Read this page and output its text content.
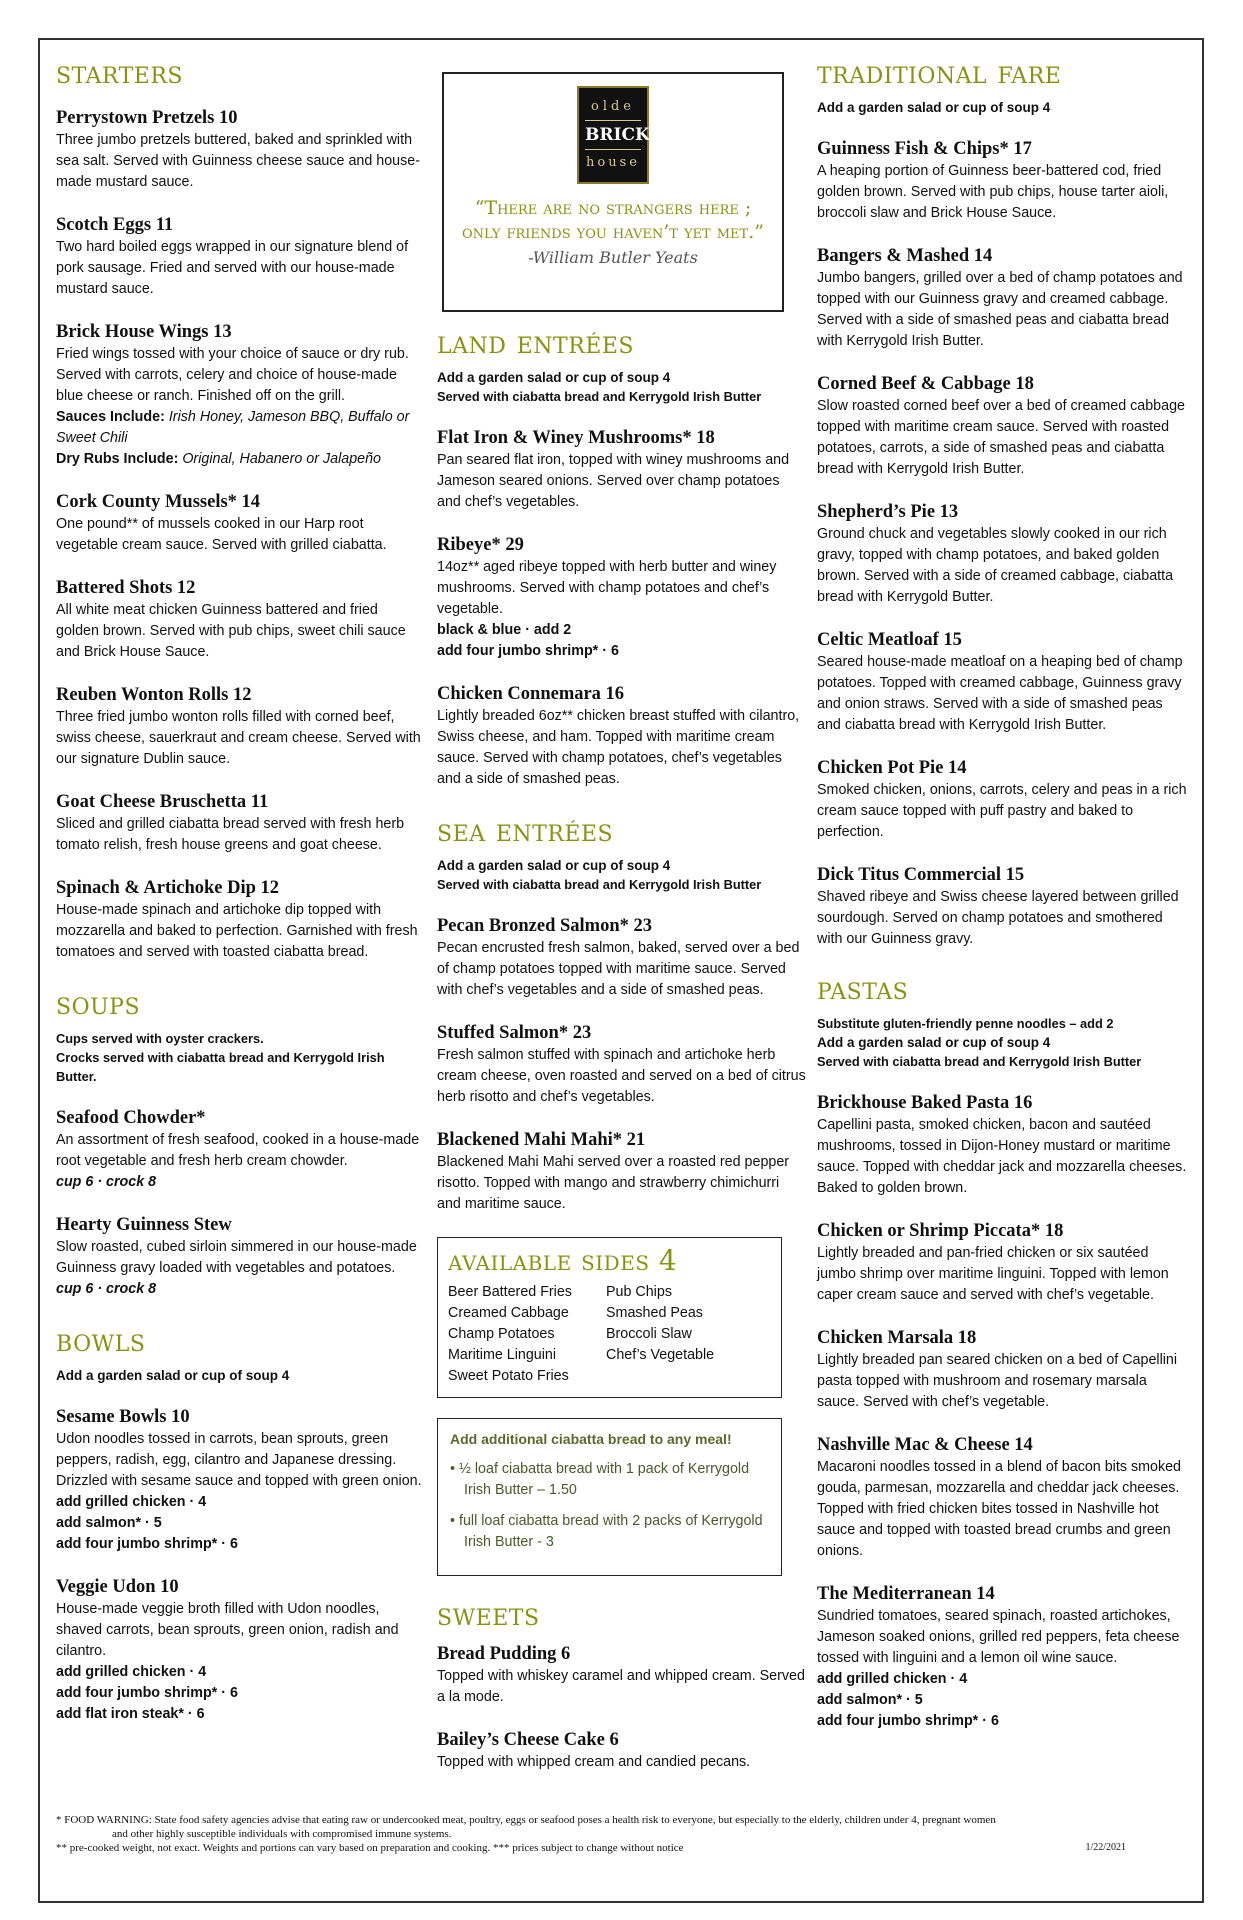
starters
Perrystown Pretzels 10
Three jumbo pretzels buttered, baked and sprinkled with sea salt. Served with Guinness cheese sauce and house-made mustard sauce.
Scotch Eggs 11
Two hard boiled eggs wrapped in our signature blend of pork sausage. Fried and served with our house-made mustard sauce.
Brick House Wings 13
Fried wings tossed with your choice of sauce or dry rub. Served with carrots, celery and choice of house-made blue cheese or ranch. Finished off on the grill.
Sauces Include: Irish Honey, Jameson BBQ, Buffalo or Sweet Chili
Dry Rubs Include: Original, Habanero or Jalapeño
Cork County Mussels* 14
One pound** of mussels cooked in our Harp root vegetable cream sauce. Served with grilled ciabatta.
Battered Shots 12
All white meat chicken Guinness battered and fried golden brown. Served with pub chips, sweet chili sauce and Brick House Sauce.
Reuben Wonton Rolls 12
Three fried jumbo wonton rolls filled with corned beef, swiss cheese, sauerkraut and cream cheese. Served with our signature Dublin sauce.
Goat Cheese Bruschetta 11
Sliced and grilled ciabatta bread served with fresh herb tomato relish, fresh house greens and goat cheese.
Spinach & Artichoke Dip 12
House-made spinach and artichoke dip topped with mozzarella and baked to perfection. Garnished with fresh tomatoes and served with toasted ciabatta bread.
soups
Cups served with oyster crackers.
Crocks served with ciabatta bread and Kerrygold Irish Butter.
Seafood Chowder*
An assortment of fresh seafood, cooked in a house-made root vegetable and fresh herb cream chowder.
cup 6 · crock 8
Hearty Guinness Stew
Slow roasted, cubed sirloin simmered in our house-made Guinness gravy loaded with vegetables and potatoes.
cup 6 · crock 8
bowls
Add a garden salad or cup of soup 4
Sesame Bowls 10
Udon noodles tossed in carrots, bean sprouts, green peppers, radish, egg, cilantro and Japanese dressing. Drizzled with sesame sauce and topped with green onion.
add grilled chicken · 4
add salmon* · 5
add four jumbo shrimp* · 6
Veggie Udon 10
House-made veggie broth filled with Udon noodles, shaved carrots, bean sprouts, green onion, radish and cilantro.
add grilled chicken · 4
add four jumbo shrimp* · 6
add flat iron steak* · 6
olde
BRICK
house
“There are no strangers here ; only friends you haven’t yet met.”
-William Butler Yeats
land entrées
Add a garden salad or cup of soup 4
Served with ciabatta bread and Kerrygold Irish Butter
Flat Iron & Winey Mushrooms* 18
Pan seared flat iron, topped with winey mushrooms and Jameson seared onions. Served over champ potatoes and chef’s vegetables.
Ribeye* 29
14oz** aged ribeye topped with herb butter and winey mushrooms. Served with champ potatoes and chef’s vegetable.
black & blue · add 2
add four jumbo shrimp* · 6
Chicken Connemara 16
Lightly breaded 6oz** chicken breast stuffed with cilantro, Swiss cheese, and ham. Topped with maritime cream sauce. Served with champ potatoes, chef’s vegetables and a side of smashed peas.
sea entrées
Add a garden salad or cup of soup 4
Served with ciabatta bread and Kerrygold Irish Butter
Pecan Bronzed Salmon* 23
Pecan encrusted fresh salmon, baked, served over a bed of champ potatoes topped with maritime sauce. Served with chef’s vegetables and a side of smashed peas.
Stuffed Salmon* 23
Fresh salmon stuffed with spinach and artichoke herb cream cheese, oven roasted and served on a bed of citrus herb risotto and chef’s vegetables.
Blackened Mahi Mahi* 21
Blackened Mahi Mahi served over a roasted red pepper risotto. Topped with mango and strawberry chimichurri and maritime sauce.
available sides 4
Beer Battered Fries
Creamed Cabbage
Champ Potatoes
Maritime Linguini
Sweet Potato Fries
Pub Chips
Smashed Peas
Broccoli Slaw
Chef’s Vegetable
Add additional ciabatta bread to any meal!
• ½ loaf ciabatta bread with 1 pack of Kerrygold Irish Butter – 1.50
• full loaf ciabatta bread with 2 packs of Kerrygold Irish Butter - 3
sweets
Bread Pudding 6
Topped with whiskey caramel and whipped cream. Served a la mode.
Bailey’s Cheese Cake 6
Topped with whipped cream and candied pecans.
traditional fare
Add a garden salad or cup of soup 4
Guinness Fish & Chips* 17
A heaping portion of Guinness beer-battered cod, fried golden brown. Served with pub chips, house tarter aioli, broccoli slaw and Brick House Sauce.
Bangers & Mashed 14
Jumbo bangers, grilled over a bed of champ potatoes and topped with our Guinness gravy and creamed cabbage. Served with a side of smashed peas and ciabatta bread with Kerrygold Irish Butter.
Corned Beef & Cabbage 18
Slow roasted corned beef over a bed of creamed cabbage topped with maritime cream sauce. Served with roasted potatoes, carrots, a side of smashed peas and ciabatta bread with Kerrygold Irish Butter.
Shepherd’s Pie 13
Ground chuck and vegetables slowly cooked in our rich gravy, topped with champ potatoes, and baked golden brown. Served with a side of creamed cabbage, ciabatta bread with Kerrygold Butter.
Celtic Meatloaf 15
Seared house-made meatloaf on a heaping bed of champ potatoes. Topped with creamed cabbage, Guinness gravy and onion straws. Served with a side of smashed peas and ciabatta bread with Kerrygold Irish Butter.
Chicken Pot Pie 14
Smoked chicken, onions, carrots, celery and peas in a rich cream sauce topped with puff pastry and baked to perfection.
Dick Titus Commercial 15
Shaved ribeye and Swiss cheese layered between grilled sourdough. Served on champ potatoes and smothered with our Guinness gravy.
pastas
Substitute gluten-friendly penne noodles – add 2
Add a garden salad or cup of soup 4
Served with ciabatta bread and Kerrygold Irish Butter
Brickhouse Baked Pasta 16
Capellini pasta, smoked chicken, bacon and sautéed mushrooms, tossed in Dijon-Honey mustard or maritime sauce. Topped with cheddar jack and mozzarella cheeses. Baked to golden brown.
Chicken or Shrimp Piccata* 18
Lightly breaded and pan-fried chicken or six sautéed jumbo shrimp over maritime linguini. Topped with lemon caper cream sauce and served with chef’s vegetable.
Chicken Marsala 18
Lightly breaded pan seared chicken on a bed of Capellini pasta topped with mushroom and rosemary marsala sauce. Served with chef’s vegetable.
Nashville Mac & Cheese 14
Macaroni noodles tossed in a blend of bacon bits smoked gouda, parmesan, mozzarella and cheddar jack cheeses. Topped with fried chicken bites tossed in Nashville hot sauce and topped with toasted bread crumbs and green onions.
The Mediterranean 14
Sundried tomatoes, seared spinach, roasted artichokes, Jameson soaked onions, grilled red peppers, feta cheese tossed with linguini and a lemon oil wine sauce.
add grilled chicken · 4
add salmon* · 5
add four jumbo shrimp* · 6
* FOOD WARNING: State food safety agencies advise that eating raw or undercooked meat, poultry, eggs or seafood poses a health risk to everyone, but especially to the elderly, children under 4, pregnant women
and other highly susceptible individuals with compromised immune systems.
** pre-cooked weight, not exact. Weights and portions can vary based on preparation and cooking. *** prices subject to change without notice	1/22/2021
